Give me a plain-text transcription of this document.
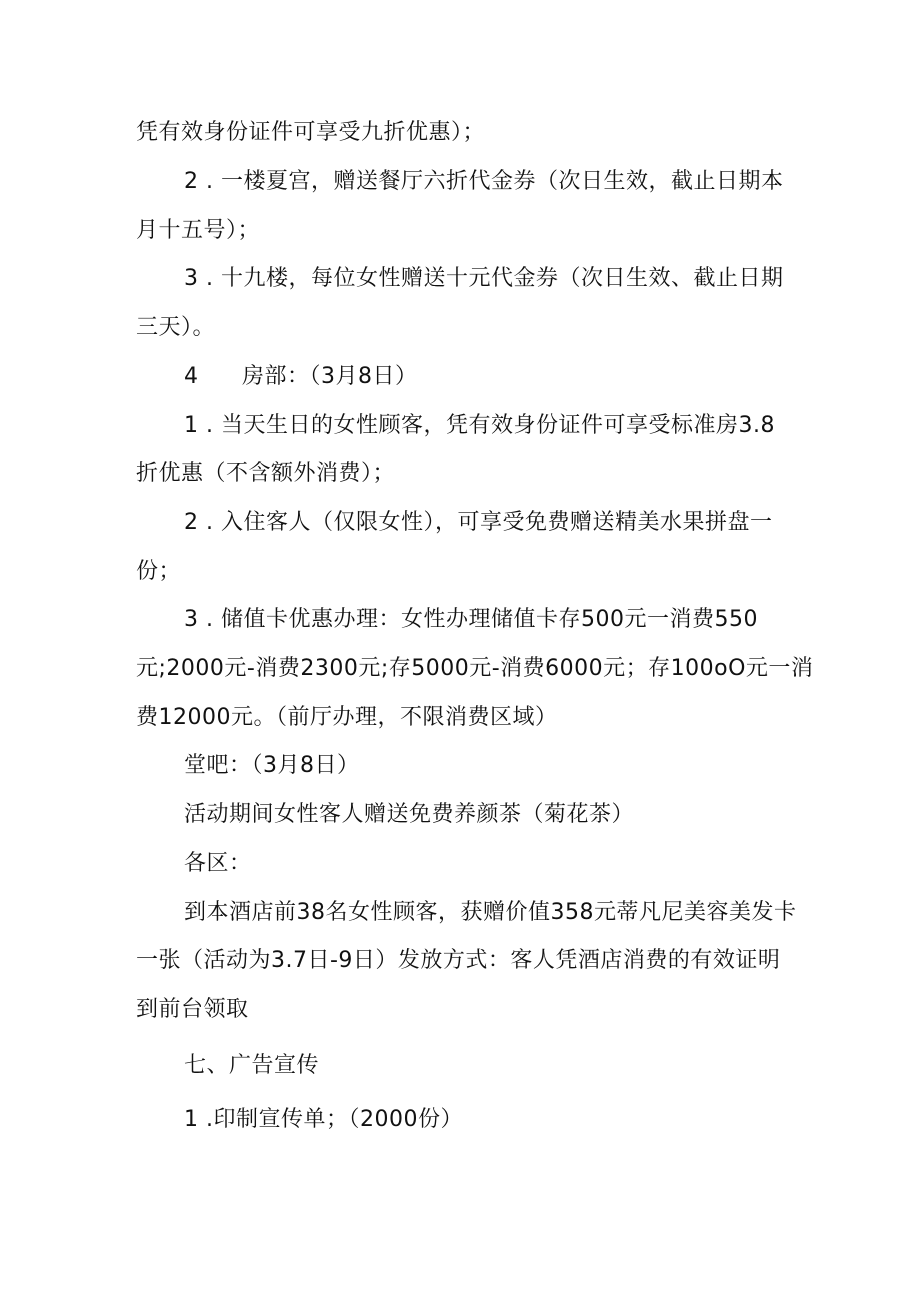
凭有效身份证件可享受九折优惠）；
2 . 一楼夏宫，赠送餐厅六折代金券（次日生效，截止日期本
月十五号）；
3 . 十九楼，每位女性赠送十元代金券（次日生效、截止日期
三天）。
4 房部：（3月8日）
1 . 当天生日的女性顾客，凭有效身份证件可享受标准房3.8
折优惠（不含额外消费）；
2 . 入住客人（仅限女性），可享受免费赠送精美水果拼盘一
份；
3 . 储值卡优惠办理：女性办理储值卡存500元一消费550
元;2000元-消费2300元;存5000元-消费6000元；存100oO元一消
费12000元。（前厅办理，不限消费区域）
堂吧：（3月8日）
活动期间女性客人赠送免费养颜茶（菊花茶）
各区：
到本酒店前38名女性顾客，获赠价值358元蒂凡尼美容美发卡
一张（活动为3.7日-9日）发放方式：客人凭酒店消费的有效证明
到前台领取
七、广告宣传
1 .印制宣传单；（2000份）
